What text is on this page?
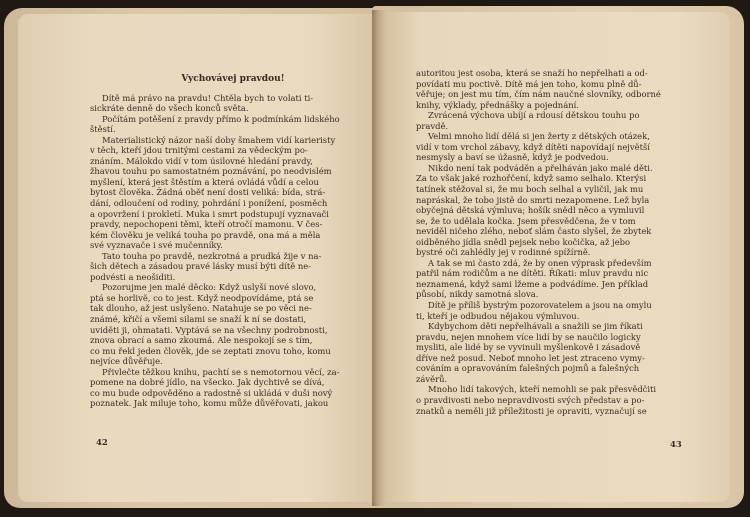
Vychovávej pravdou!
Dítě má právo na pravdu! Chtěla bych to volati ti-
sickráte denně do všech konců světa.
Počítám potěšení z pravdy přímo k podmínkám lidského
štěstí.
Materialistický názor naší doby šmahem vidí karieristy
v těch, kteří jdou trnitými cestami za vědeckým po-
znáním. Málokdo vidí v tom úsilovné hledání pravdy,
žhavou touhu po samostatném poznávání, po neodvislém
myšlení, která jest štěstím a která ovládá vůdí a celou
bytost člověka. Žádná oběť není dosti veliká: bída, strá-
dání, odloučení od rodiny, pohrdání i ponížení, posměch
a opovržení i prokletí. Muka i smrt podstupují vyznavači
pravdy, nepochopeni těmi, kteří otročí mamonu. V čes-
kém člověku je veliká touha po pravdě, ona má a měla
své vyznavače i své mučenníky.
Tato touha po pravdě, nezkrotná a prudká žije v na-
šich dětech a zásadou pravé lásky musí býti dítě ne-
podvésti a neošiditi.
Pozorujme jen malé děcko: Když uslyší nové slovo,
ptá se horlivě, co to jest. Když neodpovídáme, ptá se
tak dlouho, až jest uslyšeno. Natahuje se po věci ne-
známé, křičí a všemi silami se snaží k ní se dostati,
uviděti ji, ohmatati. Vyptává se na všechny podrobnosti,
znova obrací a samo zkoumá. Ale nespokojí se s tím,
co mu řekl jeden člověk, jde se zeptati znovu toho, komu
nejvíce důvěřuje.
Přivlečte těžkou knihu, pachtí se s nemotornou věcí, za-
pomene na dobré jídlo, na všecko. Jak dychtivě se dívá,
co mu bude odpověděno a radostně si ukládá v duši nový
poznatek. Jak miluje toho, komu může důvěřovati, jakou
42
autoritou jest osoba, která se snaží ho nepřelhati a od-
povídati mu poctivě. Dítě má jen toho, komu plně dů-
věřuje; on jest mu tím, čím nám naučné slovníky, odborné
knihy, výklady, přednášky a pojednání.
Zvrácená výchova ubíjí a rdousí dětskou touhu po
pravdě.
Velmi mnoho lidí dělá si jen žerty z dětských otázek,
vidí v tom vrchol zábavy, když dítěti napovídají největší
nesmysly a baví se úžasně, když je podvedou.
Nikdo není tak podváděn a přelháván jako malé děti.
Za to však jaké rozhořčení, když samo selhalo. Kterýsi
tatínek stěžoval si, že mu boch selhal a vyličil, jak mu
napráskal, že tobo jistě do smrti nezapomene. Lež byla
obyčejná dětská výmluva; hošík snědl něco a vymluvil
se, že to udělala kočka. Jsem přesvědčena, že v tom
neviděl ničeho zlého, neboť slám často slyšel, že zbytek
oidběného jídla snědl pejsek nebo kočička, až jebo
bystré oči zahlédly jej v rodinné spížírně.
A tak se mi často zdá, že by onen výprask především
patřil nám rodičům a ne dítěti. Říkati: mluv pravdu nic
neznamená, když sami lžeme a podvádíme. Jen příklad
působí, nikdy samotná slova.
Dítě je příliš bystrým pozorovatelem a jsou na omylu
ti, kteří je odbudou nějakou výmluvou.
Kdybychom děti nepřelhávali a snažili se jim říkati
pravdu, nejen mnohem více lidí by se naučilo logicky
mysliti, ale lidé by se vyvinuli myšlenkově i zásadově
dříve než posud. Neboť mnoho let jest ztraceno vymy-
cováním a opravováním falešných pojmů a falešných
závěrů.
Mnoho lidí takových, kteří nemohli se pak přesvědčiti
o pravdivosti nebo nepravdivosti svých představ a po-
znatků a neměli již příležitosti je opraviti, vyznačují se
43
